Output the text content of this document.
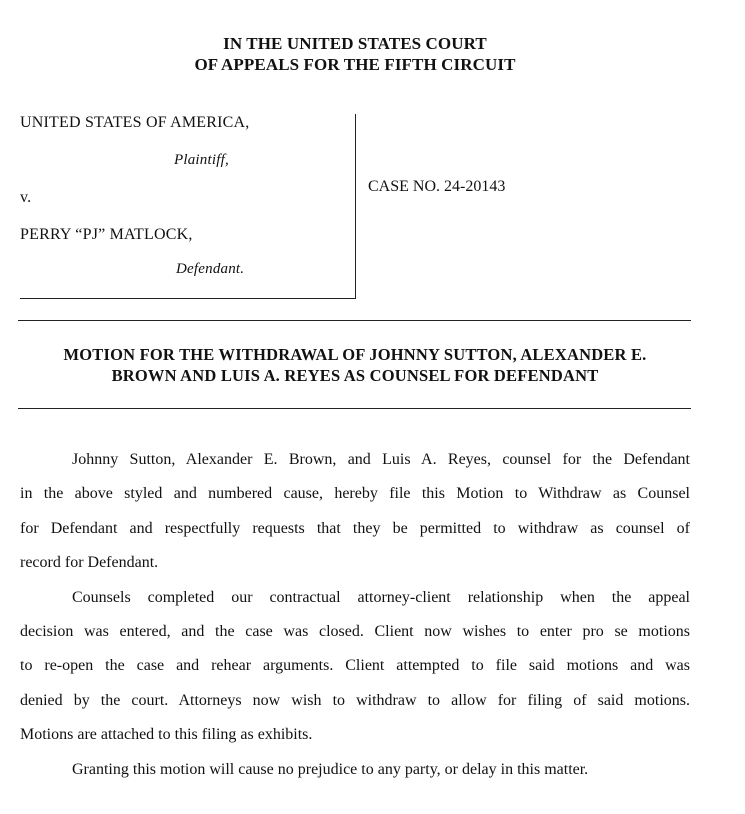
IN THE UNITED STATES COURT
OF APPEALS FOR THE FIFTH CIRCUIT
UNITED STATES OF AMERICA,
Plaintiff,
v.
PERRY “PJ” MATLOCK,
Defendant.
CASE NO. 24-20143
MOTION FOR THE WITHDRAWAL OF JOHNNY SUTTON, ALEXANDER E.
BROWN AND LUIS A. REYES AS COUNSEL FOR DEFENDANT
Johnny Sutton, Alexander E. Brown, and Luis A. Reyes, counsel for the Defendant
in the above styled and numbered cause, hereby file this Motion to Withdraw as Counsel
for Defendant and respectfully requests that they be permitted to withdraw as counsel of
record for Defendant.
Counsels completed our contractual attorney-client relationship when the appeal
decision was entered, and the case was closed. Client now wishes to enter pro se motions
to re-open the case and rehear arguments. Client attempted to file said motions and was
denied by the court. Attorneys now wish to withdraw to allow for filing of said motions.
Motions are attached to this filing as exhibits.
Granting this motion will cause no prejudice to any party, or delay in this matter.
